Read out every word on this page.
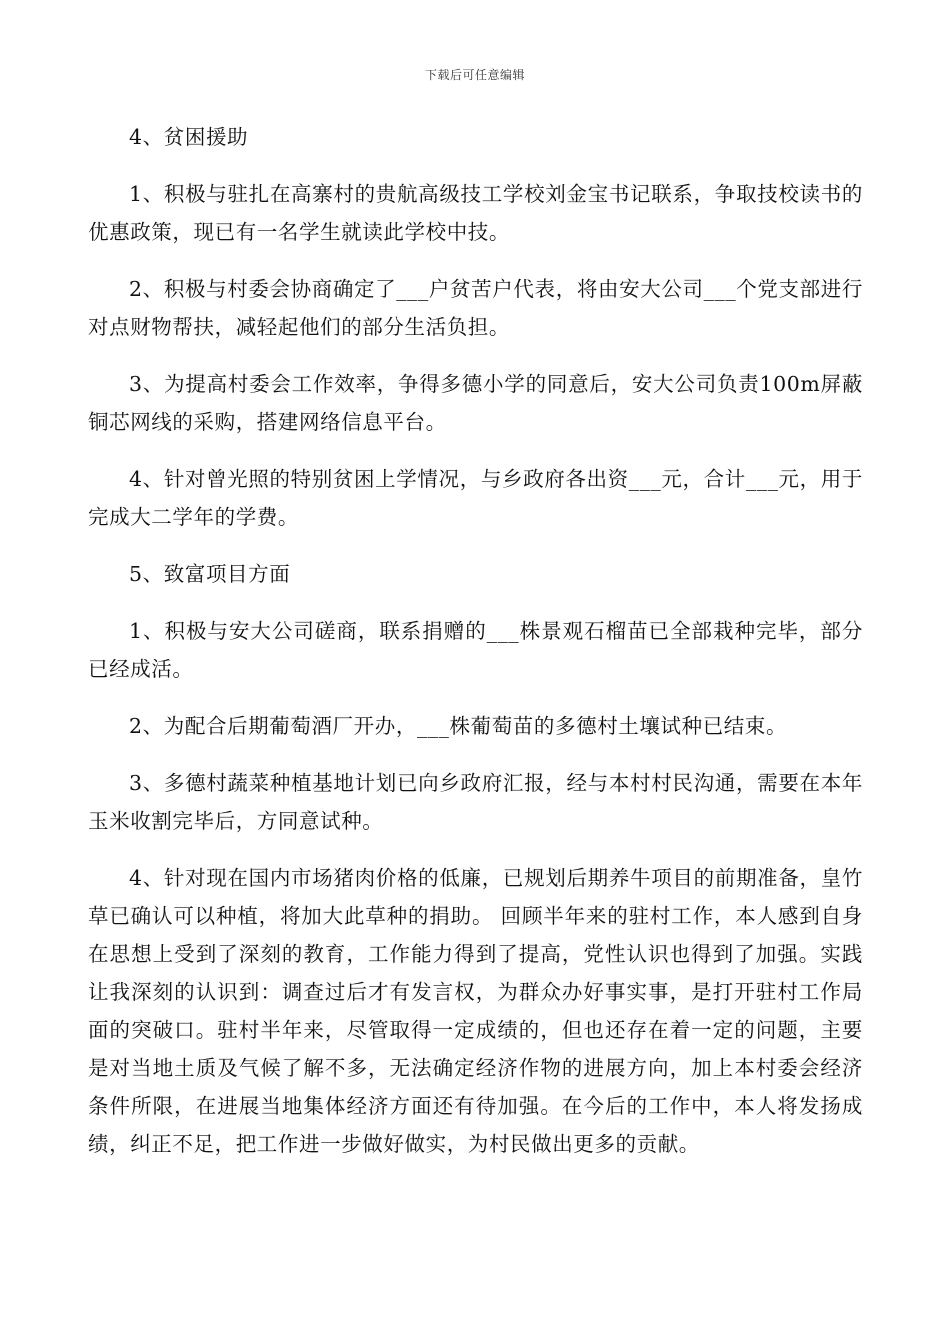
下载后可任意编辑

4、贫困援助

1、积极与驻扎在高寨村的贵航高级技工学校刘金宝书记联系，争取技校读书的优惠政策，现已有一名学生就读此学校中技。

2、积极与村委会协商确定了___户贫苦户代表，将由安大公司___个党支部进行对点财物帮扶，减轻起他们的部分生活负担。

3、为提高村委会工作效率，争得多德小学的同意后，安大公司负责100m屏蔽铜芯网线的采购，搭建网络信息平台。

4、针对曾光照的特别贫困上学情况，与乡政府各出资___元，合计___元，用于完成大二学年的学费。

5、致富项目方面

1、积极与安大公司磋商，联系捐赠的___株景观石榴苗已全部栽种完毕，部分已经成活。

2、为配合后期葡萄酒厂开办，___株葡萄苗的多德村土壤试种已结束。

3、多德村蔬菜种植基地计划已向乡政府汇报，经与本村村民沟通，需要在本年玉米收割完毕后，方同意试种。

4、针对现在国内市场猪肉价格的低廉，已规划后期养牛项目的前期准备，皇竹草已确认可以种植，将加大此草种的捐助。 回顾半年来的驻村工作，本人感到自身在思想上受到了深刻的教育，工作能力得到了提高，党性认识也得到了加强。实践让我深刻的认识到：调查过后才有发言权，为群众办好事实事，是打开驻村工作局面的突破口。驻村半年来，尽管取得一定成绩的，但也还存在着一定的问题，主要是对当地土质及气候了解不多，无法确定经济作物的进展方向，加上本村委会经济条件所限，在进展当地集体经济方面还有待加强。在今后的工作中，本人将发扬成绩，纠正不足，把工作进一步做好做实，为村民做出更多的贡献。
